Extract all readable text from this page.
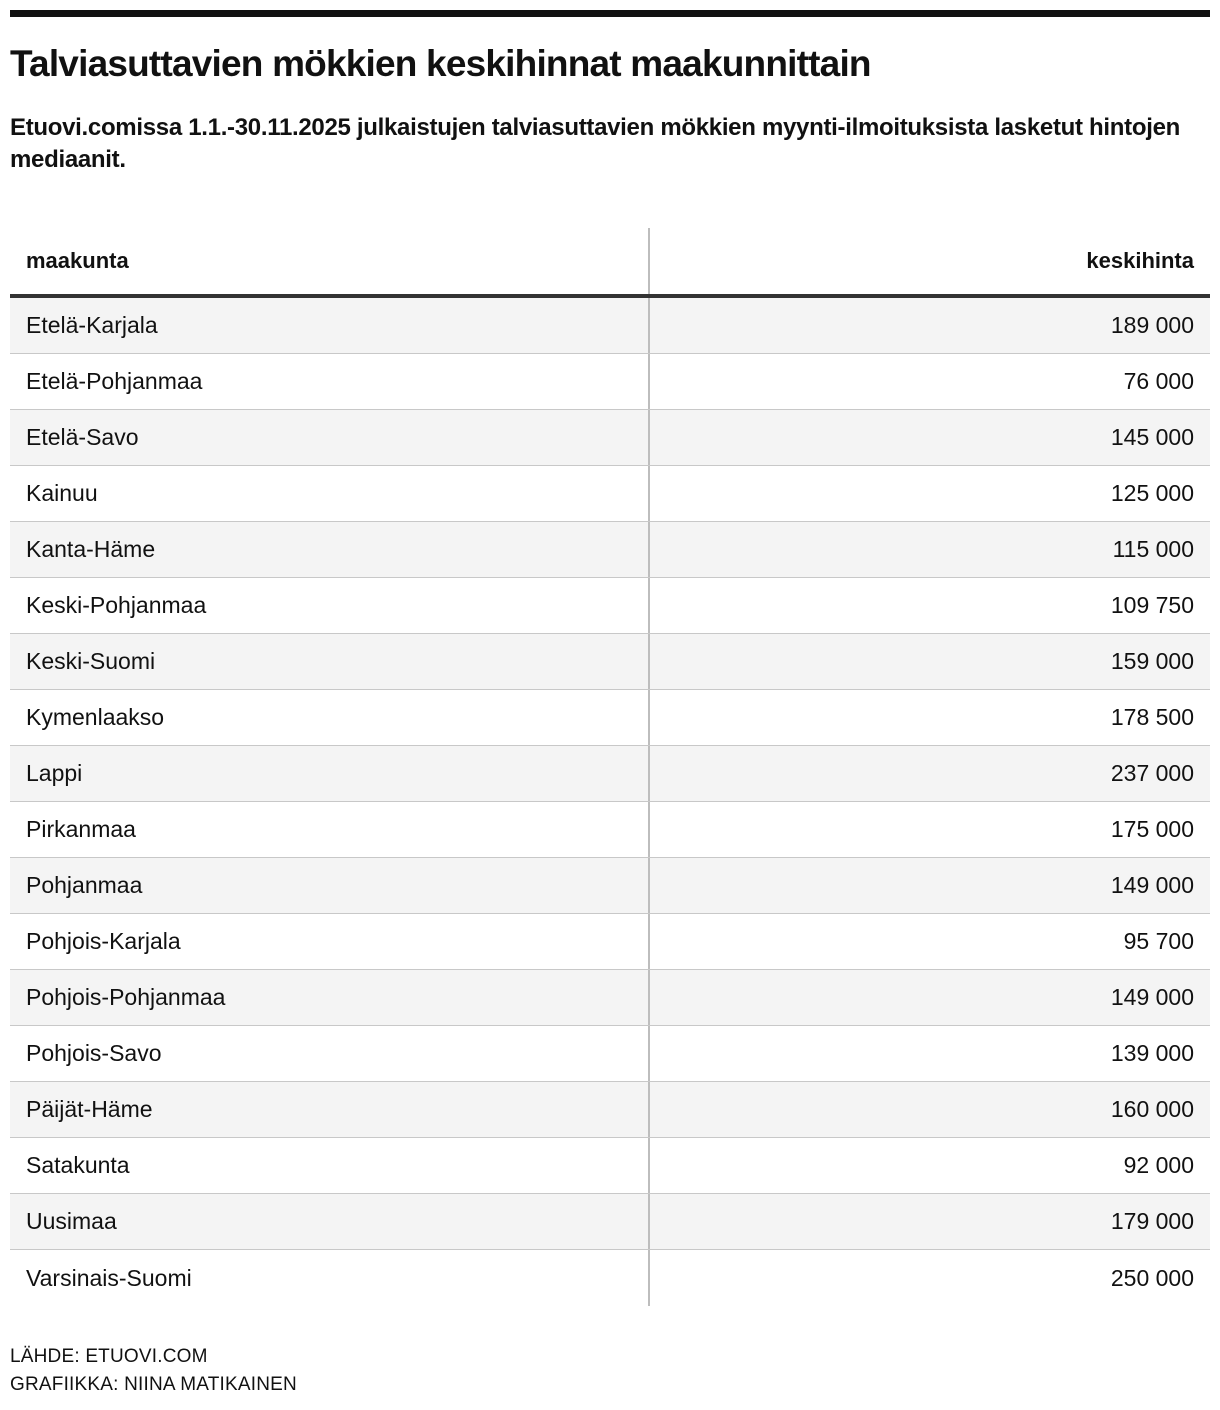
Talviasuttavien mökkien keskihinnat maakunnittain

Etuovi.comissa 1.1.-30.11.2025 julkaistujen talviasuttavien mökkien myynti-ilmoituksista lasketut hintojen mediaanit.

maakunta	keskihinta
Etelä-Karjala	189 000
Etelä-Pohjanmaa	76 000
Etelä-Savo	145 000
Kainuu	125 000
Kanta-Häme	115 000
Keski-Pohjanmaa	109 750
Keski-Suomi	159 000
Kymenlaakso	178 500
Lappi	237 000
Pirkanmaa	175 000
Pohjanmaa	149 000
Pohjois-Karjala	95 700
Pohjois-Pohjanmaa	149 000
Pohjois-Savo	139 000
Päijät-Häme	160 000
Satakunta	92 000
Uusimaa	179 000
Varsinais-Suomi	250 000
LÄHDE: ETUOVI.COM
GRAFIIKKA: NIINA MATIKAINEN
